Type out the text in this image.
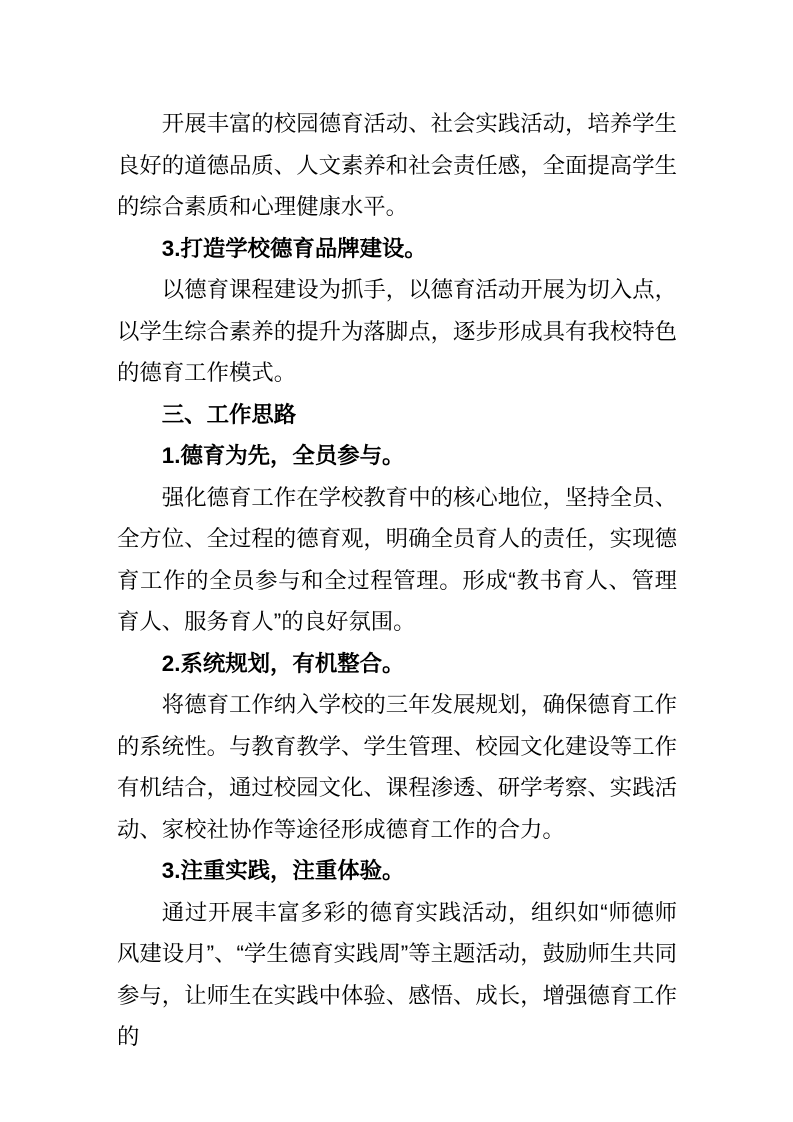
开展丰富的校园德育活动、社会实践活动，培养学生良好的道德品质、人文素养和社会责任感，全面提高学生的综合素质和心理健康水平。

3.打造学校德育品牌建设。

以德育课程建设为抓手，以德育活动开展为切入点，以学生综合素养的提升为落脚点，逐步形成具有我校特色的德育工作模式。

三、工作思路

1.德育为先，全员参与。

强化德育工作在学校教育中的核心地位，坚持全员、全方位、全过程的德育观，明确全员育人的责任，实现德育工作的全员参与和全过程管理。形成“教书育人、管理育人、服务育人”的良好氛围。

2.系统规划，有机整合。

将德育工作纳入学校的三年发展规划，确保德育工作的系统性。与教育教学、学生管理、校园文化建设等工作有机结合，通过校园文化、课程渗透、研学考察、实践活动、家校社协作等途径形成德育工作的合力。

3.注重实践，注重体验。

通过开展丰富多彩的德育实践活动，组织如“师德师风建设月”、“学生德育实践周”等主题活动，鼓励师生共同参与，让师生在实践中体验、感悟、成长，增强德育工作的
